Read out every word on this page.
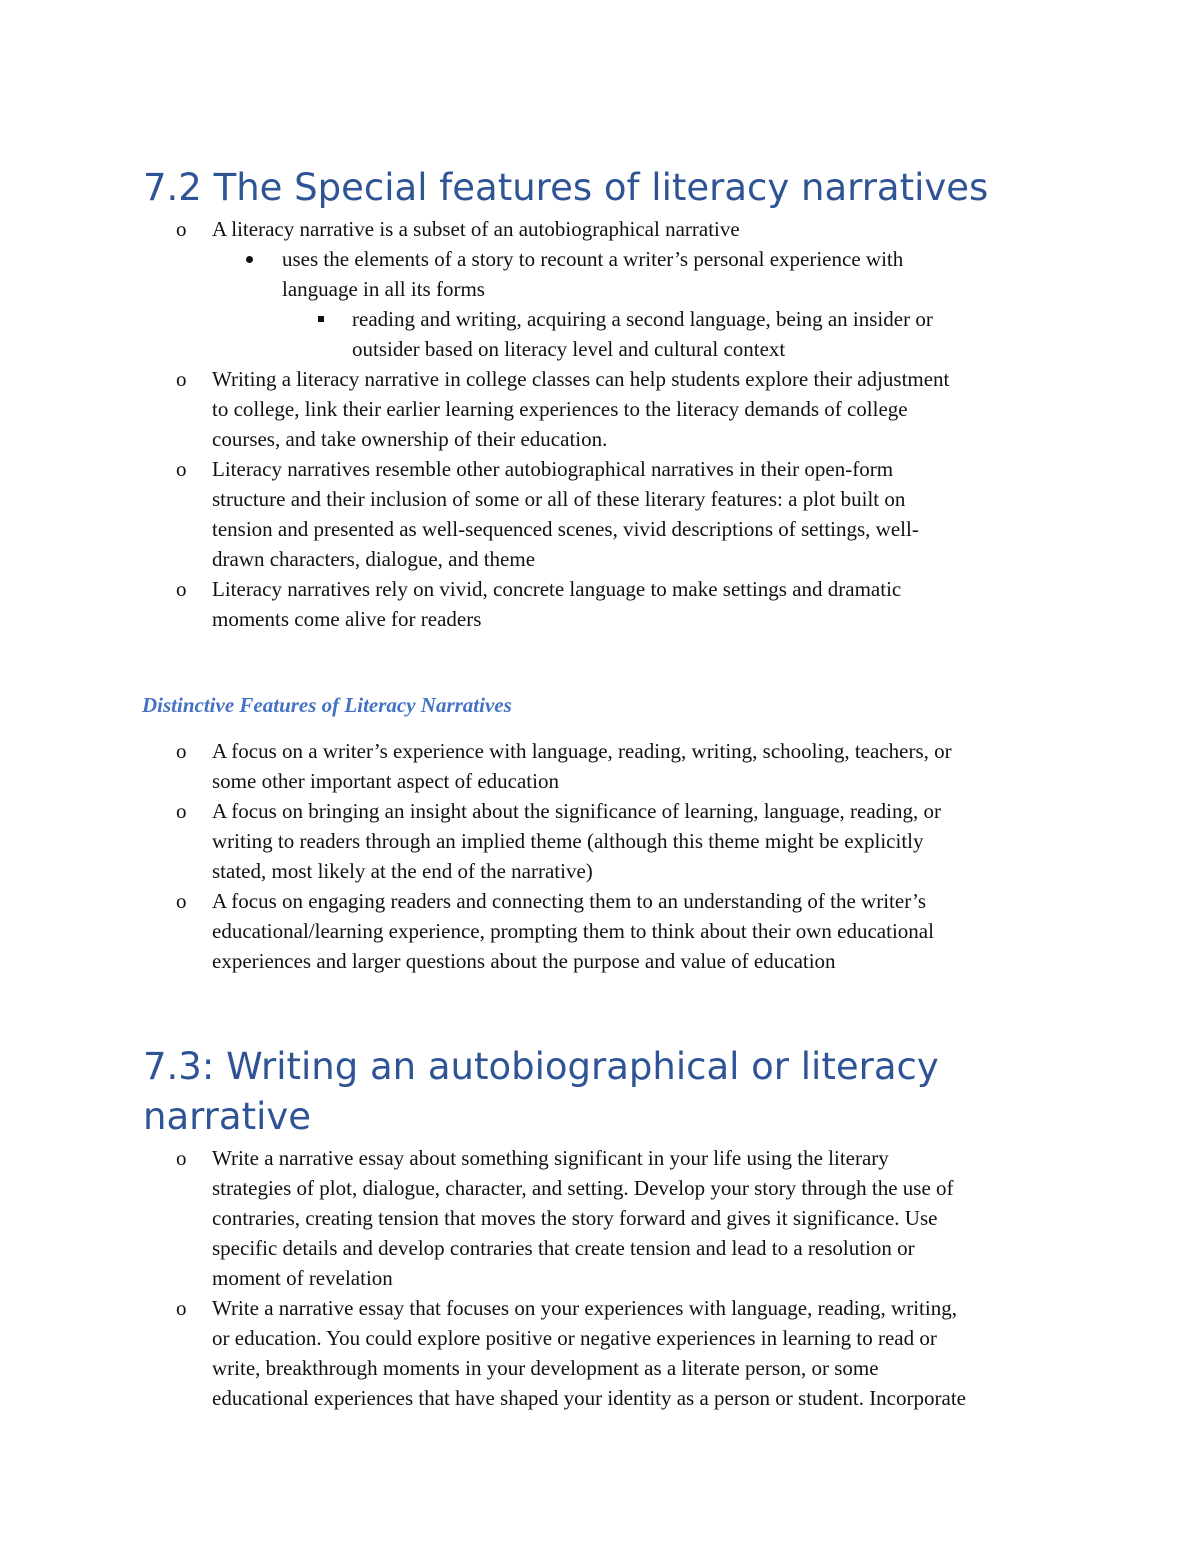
7.2 The Special features of literacy narratives
o A literacy narrative is a subset of an autobiographical narrative
uses the elements of a story to recount a writer’s personal experience with
language in all its forms
reading and writing, acquiring a second language, being an insider or
outsider based on literacy level and cultural context
o Writing a literacy narrative in college classes can help students explore their adjustment
to college, link their earlier learning experiences to the literacy demands of college
courses, and take ownership of their education.
o Literacy narratives resemble other autobiographical narratives in their open-form
structure and their inclusion of some or all of these literary features: a plot built on
tension and presented as well-sequenced scenes, vivid descriptions of settings, well-
drawn characters, dialogue, and theme
o Literacy narratives rely on vivid, concrete language to make settings and dramatic
moments come alive for readers

Distinctive Features of Literacy Narratives

o A focus on a writer’s experience with language, reading, writing, schooling, teachers, or
some other important aspect of education
o A focus on bringing an insight about the significance of learning, language, reading, or
writing to readers through an implied theme (although this theme might be explicitly
stated, most likely at the end of the narrative)
o A focus on engaging readers and connecting them to an understanding of the writer’s
educational/learning experience, prompting them to think about their own educational
experiences and larger questions about the purpose and value of education
7.3: Writing an autobiographical or literacy
narrative
o Write a narrative essay about something significant in your life using the literary
strategies of plot, dialogue, character, and setting. Develop your story through the use of
contraries, creating tension that moves the story forward and gives it significance. Use
specific details and develop contraries that create tension and lead to a resolution or
moment of revelation
o Write a narrative essay that focuses on your experiences with language, reading, writing,
or education. You could explore positive or negative experiences in learning to read or
write, breakthrough moments in your development as a literate person, or some
educational experiences that have shaped your identity as a person or student. Incorporate
